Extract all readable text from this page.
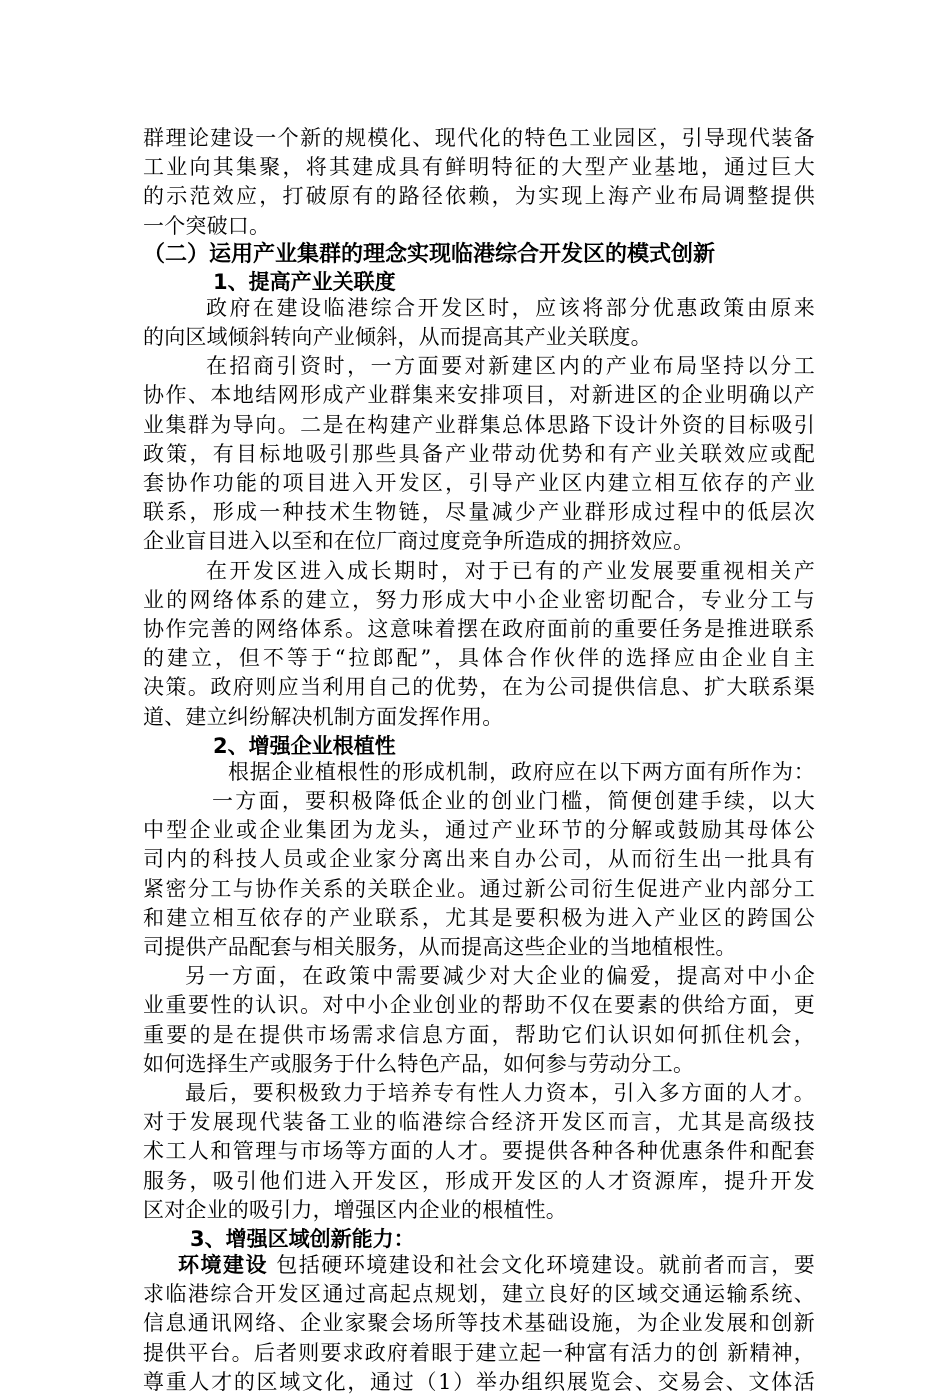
群理论建设一个新的规模化、现代化的特色工业园区，引导现代装备
工业向其集聚，将其建成具有鲜明特征的大型产业基地，通过巨大
的示范效应，打破原有的路径依赖，为实现上海产业布局调整提供
一个突破口。
（二）运用产业集群的理念实现临港综合开发区的模式创新
1、提高产业关联度
政府在建设临港综合开发区时，应该将部分优惠政策由原来
的向区域倾斜转向产业倾斜，从而提高其产业关联度。
在招商引资时，一方面要对新建区内的产业布局坚持以分工
协作、本地结网形成产业群集来安排项目，对新进区的企业明确以产
业集群为导向。二是在构建产业群集总体思路下设计外资的目标吸引
政策，有目标地吸引那些具备产业带动优势和有产业关联效应或配
套协作功能的项目进入开发区，引导产业区内建立相互依存的产业
联系，形成一种技术生物链，尽量减少产业群形成过程中的低层次
企业盲目进入以至和在位厂商过度竞争所造成的拥挤效应。
在开发区进入成长期时，对于已有的产业发展要重视相关产
业的网络体系的建立，努力形成大中小企业密切配合，专业分工与
协作完善的网络体系。这意味着摆在政府面前的重要任务是推进联系
的建立，但不等于“拉郎配”，具体合作伙伴的选择应由企业自主
决策。政府则应当利用自己的优势，在为公司提供信息、扩大联系渠
道、建立纠纷解决机制方面发挥作用。
2、增强企业根植性
根据企业植根性的形成机制，政府应在以下两方面有所作为：
一方面，要积极降低企业的创业门槛，简便创建手续，以大
中型企业或企业集团为龙头，通过产业环节的分解或鼓励其母体公
司内的科技人员或企业家分离出来自办公司，从而衍生出一批具有
紧密分工与协作关系的关联企业。通过新公司衍生促进产业内部分工
和建立相互依存的产业联系，尤其是要积极为进入产业区的跨国公
司提供产品配套与相关服务，从而提高这些企业的当地植根性。
另一方面，在政策中需要减少对大企业的偏爱，提高对中小企
业重要性的认识。对中小企业创业的帮助不仅在要素的供给方面，更
重要的是在提供市场需求信息方面，帮助它们认识如何抓住机会，
如何选择生产或服务于什么特色产品，如何参与劳动分工。
最后，要积极致力于培养专有性人力资本，引入多方面的人才。
对于发展现代装备工业的临港综合经济开发区而言，尤其是高级技
术工人和管理与市场等方面的人才。要提供各种各种优惠条件和配套
服务，吸引他们进入开发区，形成开发区的人才资源库，提升开发
区对企业的吸引力，增强区内企业的根植性。
3、增强区域创新能力：
环境建设 包括硬环境建设和社会文化环境建设。就前者而言，要
求临港综合开发区通过高起点规划，建立良好的区域交通运输系统、
信息通讯网络、企业家聚会场所等技术基础设施，为企业发展和创新
提供平台。后者则要求政府着眼于建立起一种富有活力的创 新精神，
尊重人才的区域文化，通过（1）举办组织展览会、交易会、文体活
